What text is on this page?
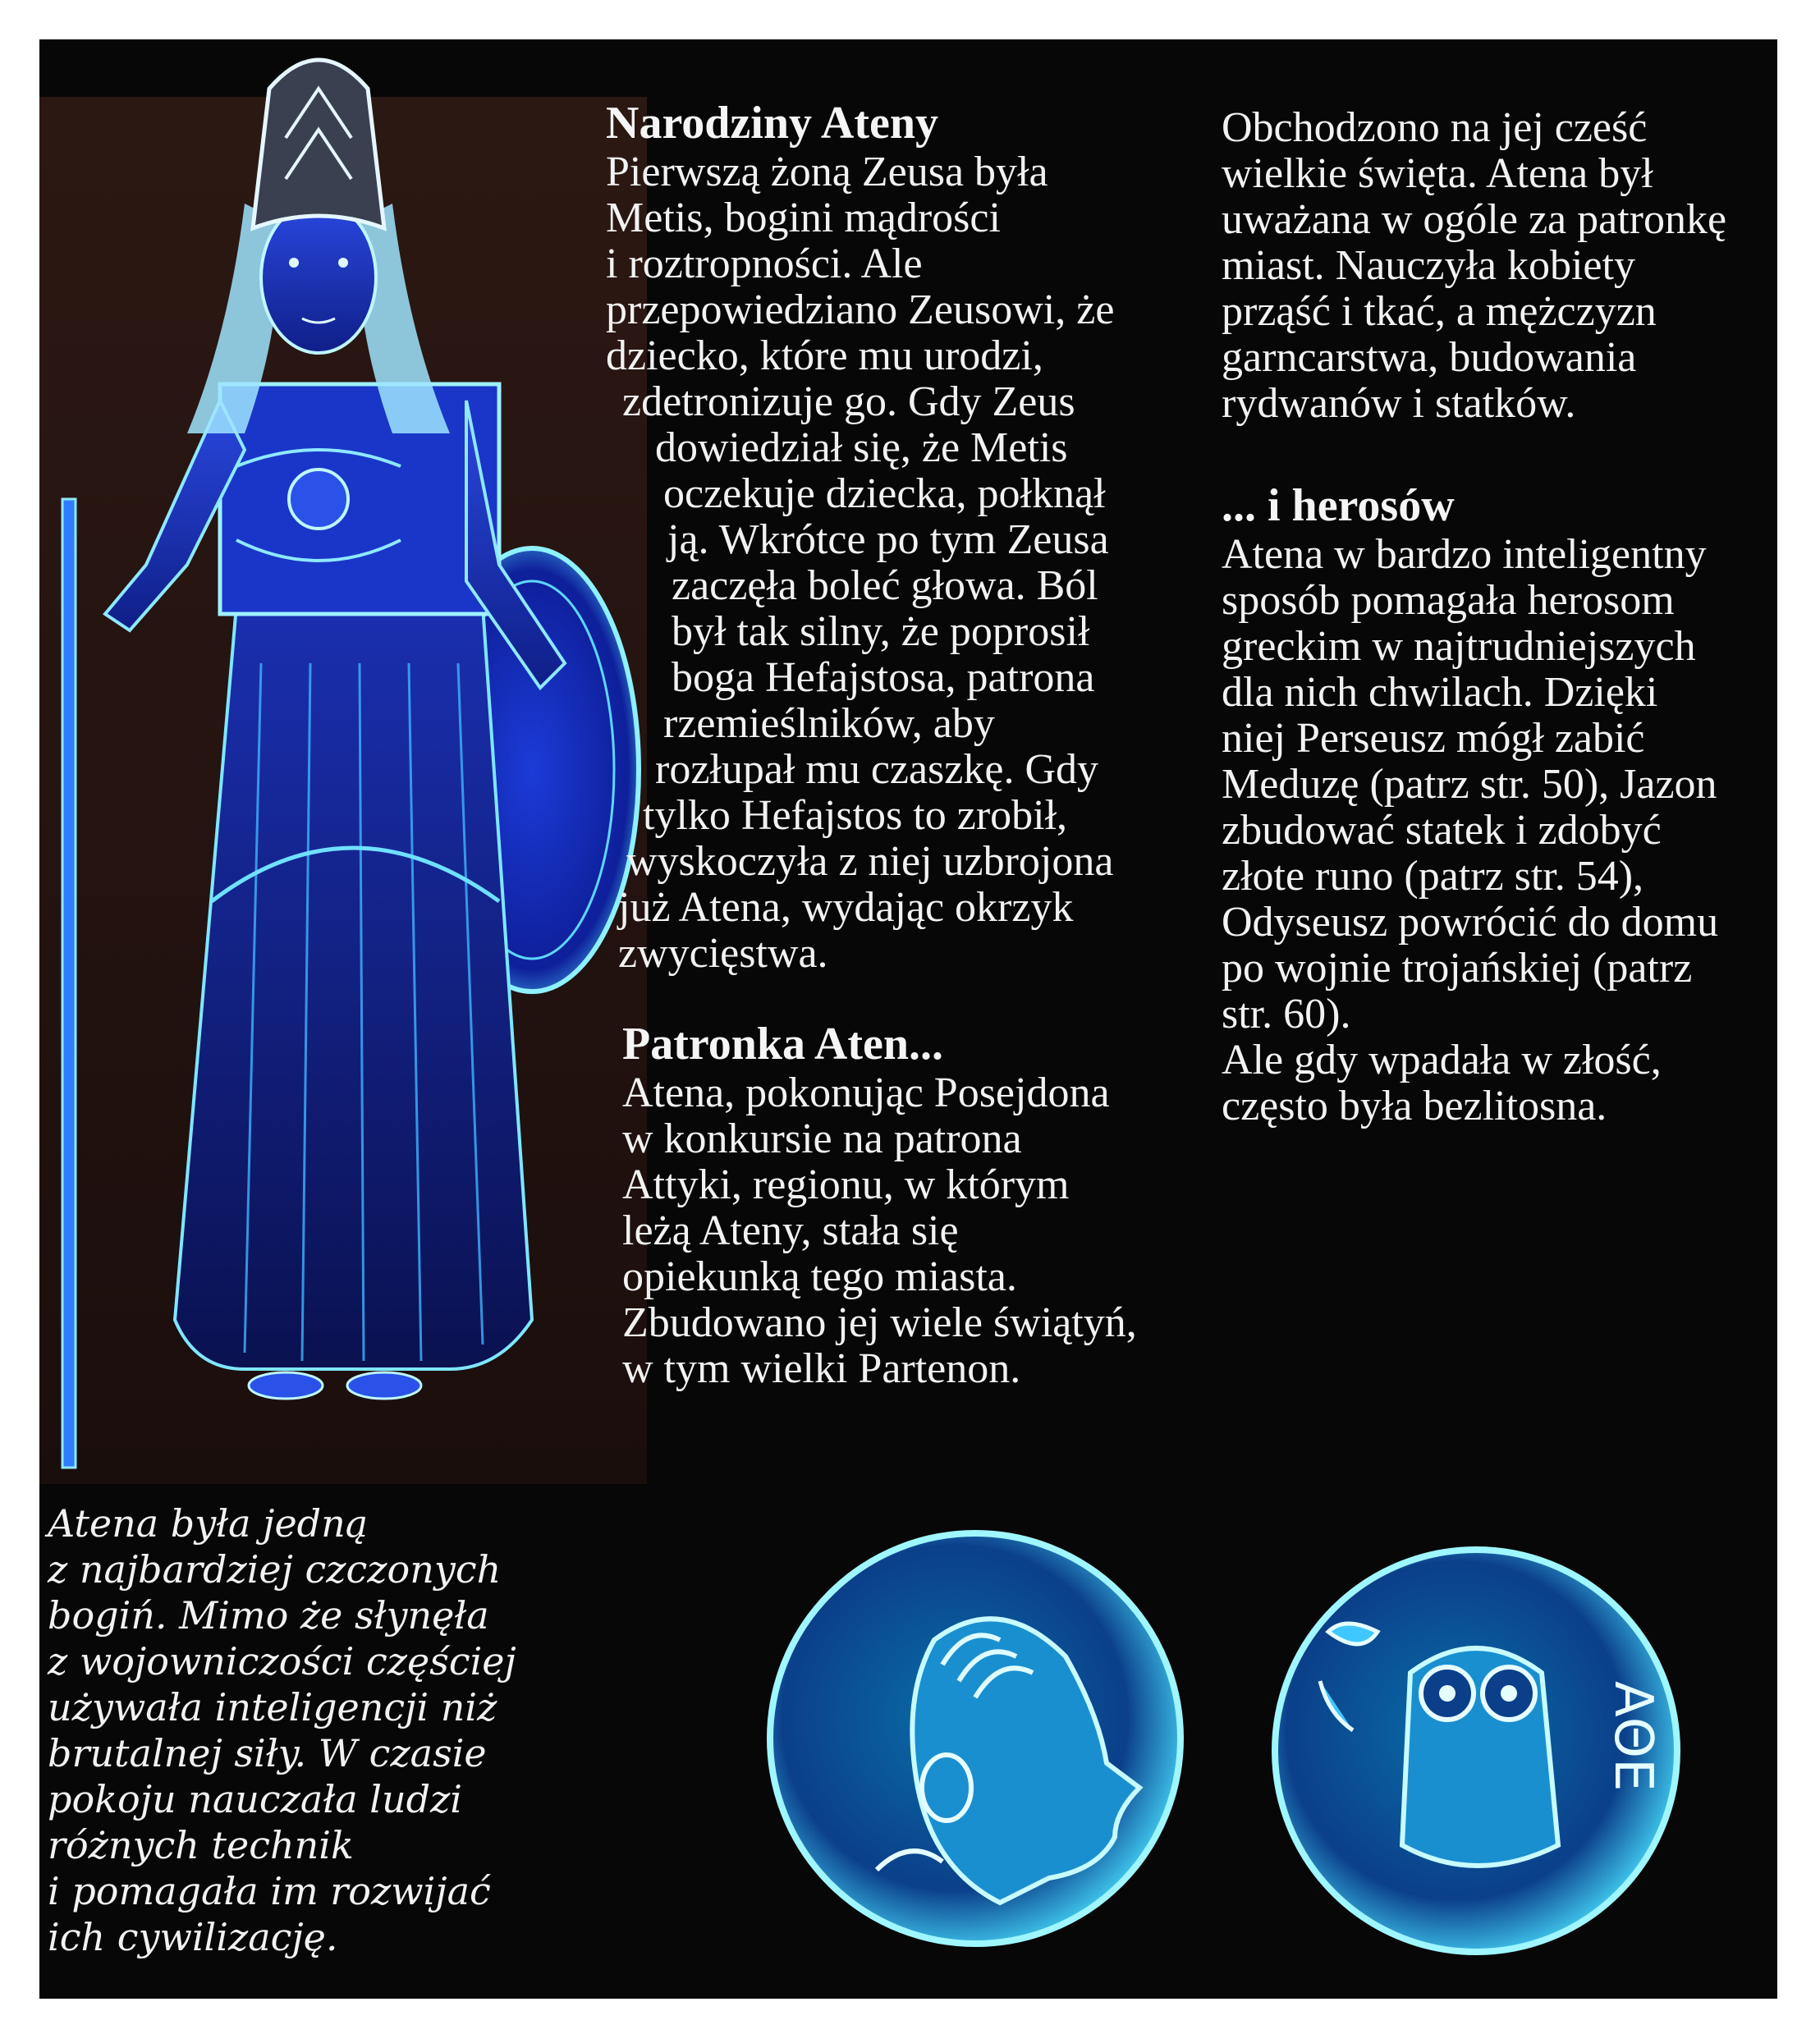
Narodziny Ateny
Pierwszą żoną Zeusa była
Metis, bogini mądrości
i roztropności. Ale
przepowiedziano Zeusowi, że
dziecko, które mu urodzi,
zdetronizuje go. Gdy Zeus
dowiedział się, że Metis
oczekuje dziecka, połknął
ją. Wkrótce po tym Zeusa
zaczęła boleć głowa. Ból
był tak silny, że poprosił
boga Hefajstosa, patrona
rzemieślników, aby
rozłupał mu czaszkę. Gdy
tylko Hefajstos to zrobił,
wyskoczyła z niej uzbrojona
już Atena, wydając okrzyk
zwycięstwa.
Patronka Aten...
Atena, pokonując Posejdona
w konkursie na patrona
Attyki, regionu, w którym
leżą Ateny, stała się
opiekunką tego miasta.
Zbudowano jej wiele świątyń,
w tym wielki Partenon.
Obchodzono na jej cześć
wielkie święta. Atena był
uważana w ogóle za patronkę
miast. Nauczyła kobiety
prząść i tkać, a mężczyzn
garncarstwa, budowania
rydwanów i statków.
... i herosów
Atena w bardzo inteligentny
sposób pomagała herosom
greckim w najtrudniejszych
dla nich chwilach. Dzięki
niej Perseusz mógł zabić
Meduzę (patrz str. 50), Jazon
zbudować statek i zdobyć
złote runo (patrz str. 54),
Odyseusz powrócić do domu
po wojnie trojańskiej (patrz
str. 60).
Ale gdy wpadała w złość,
często była bezlitosna.
Atena była jedną
z najbardziej czczonych
bogiń. Mimo że słynęła
z wojowniczości częściej
używała inteligencji niż
brutalnej siły. W czasie
pokoju nauczała ludzi
różnych technik
i pomagała im rozwijać
ich cywilizację.
ΑΘΕ
